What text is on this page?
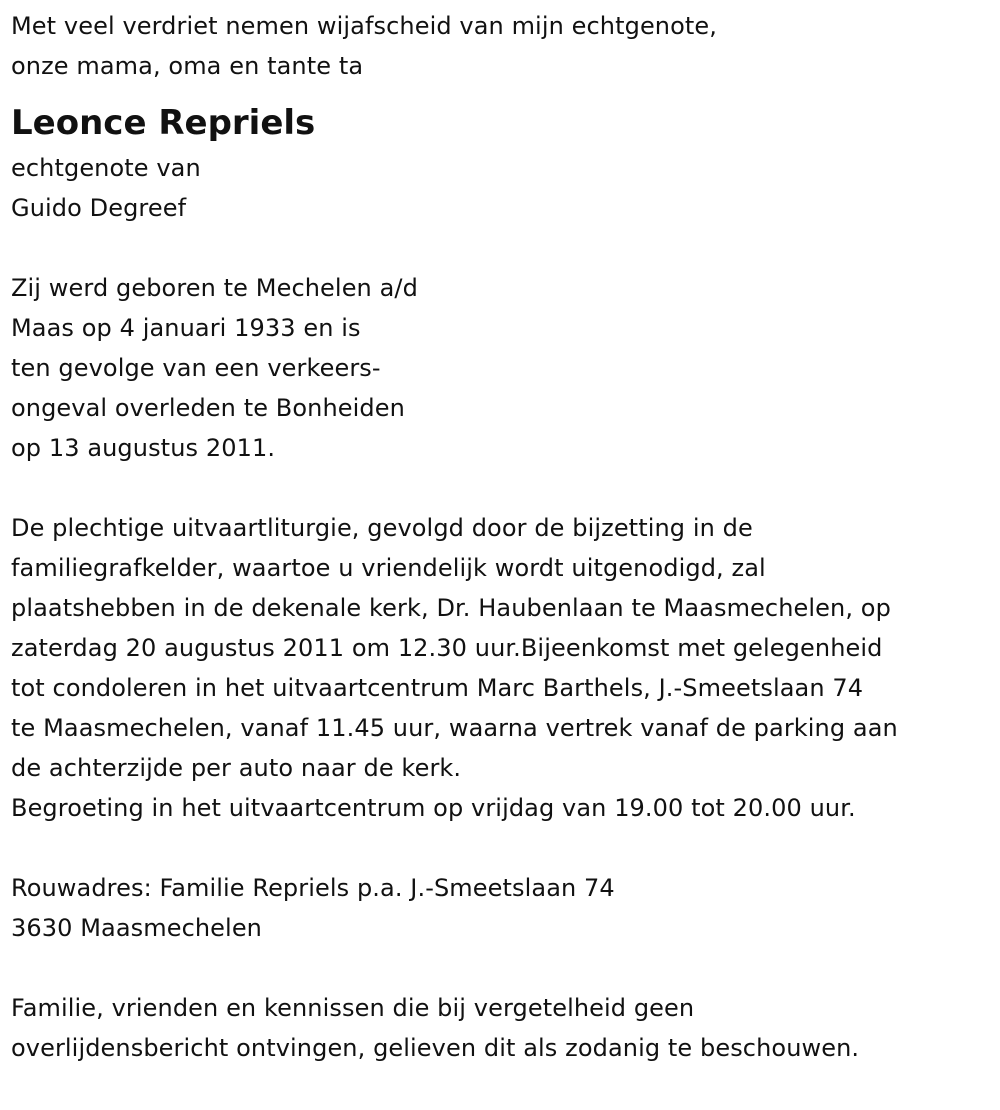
Met veel verdriet nemen wijafscheid van mijn echtgenote,
onze mama, oma en tante ta
Leonce Repriels
echtgenote van
Guido Degreef
Zij werd geboren te Mechelen a/d
Maas op 4 januari 1933 en is
ten gevolge van een verkeers-
ongeval overleden te Bonheiden
op 13 augustus 2011.
De plechtige uitvaartliturgie, gevolgd door de bijzetting in de
familiegrafkelder, waartoe u vriendelijk wordt uitgenodigd, zal
plaatshebben in de dekenale kerk, Dr. Haubenlaan te Maasmechelen, op
zaterdag 20 augustus 2011 om 12.30 uur.Bijeenkomst met gelegenheid
tot condoleren in het uitvaartcentrum Marc Barthels, J.-Smeetslaan 74
te Maasmechelen, vanaf 11.45 uur, waarna vertrek vanaf de parking aan
de achterzijde per auto naar de kerk.
Begroeting in het uitvaartcentrum op vrijdag van 19.00 tot 20.00 uur.
Rouwadres: Familie Repriels p.a. J.-Smeetslaan 74
3630 Maasmechelen
Familie, vrienden en kennissen die bij vergetelheid geen
overlijdensbericht ontvingen, gelieven dit als zodanig te beschouwen.
